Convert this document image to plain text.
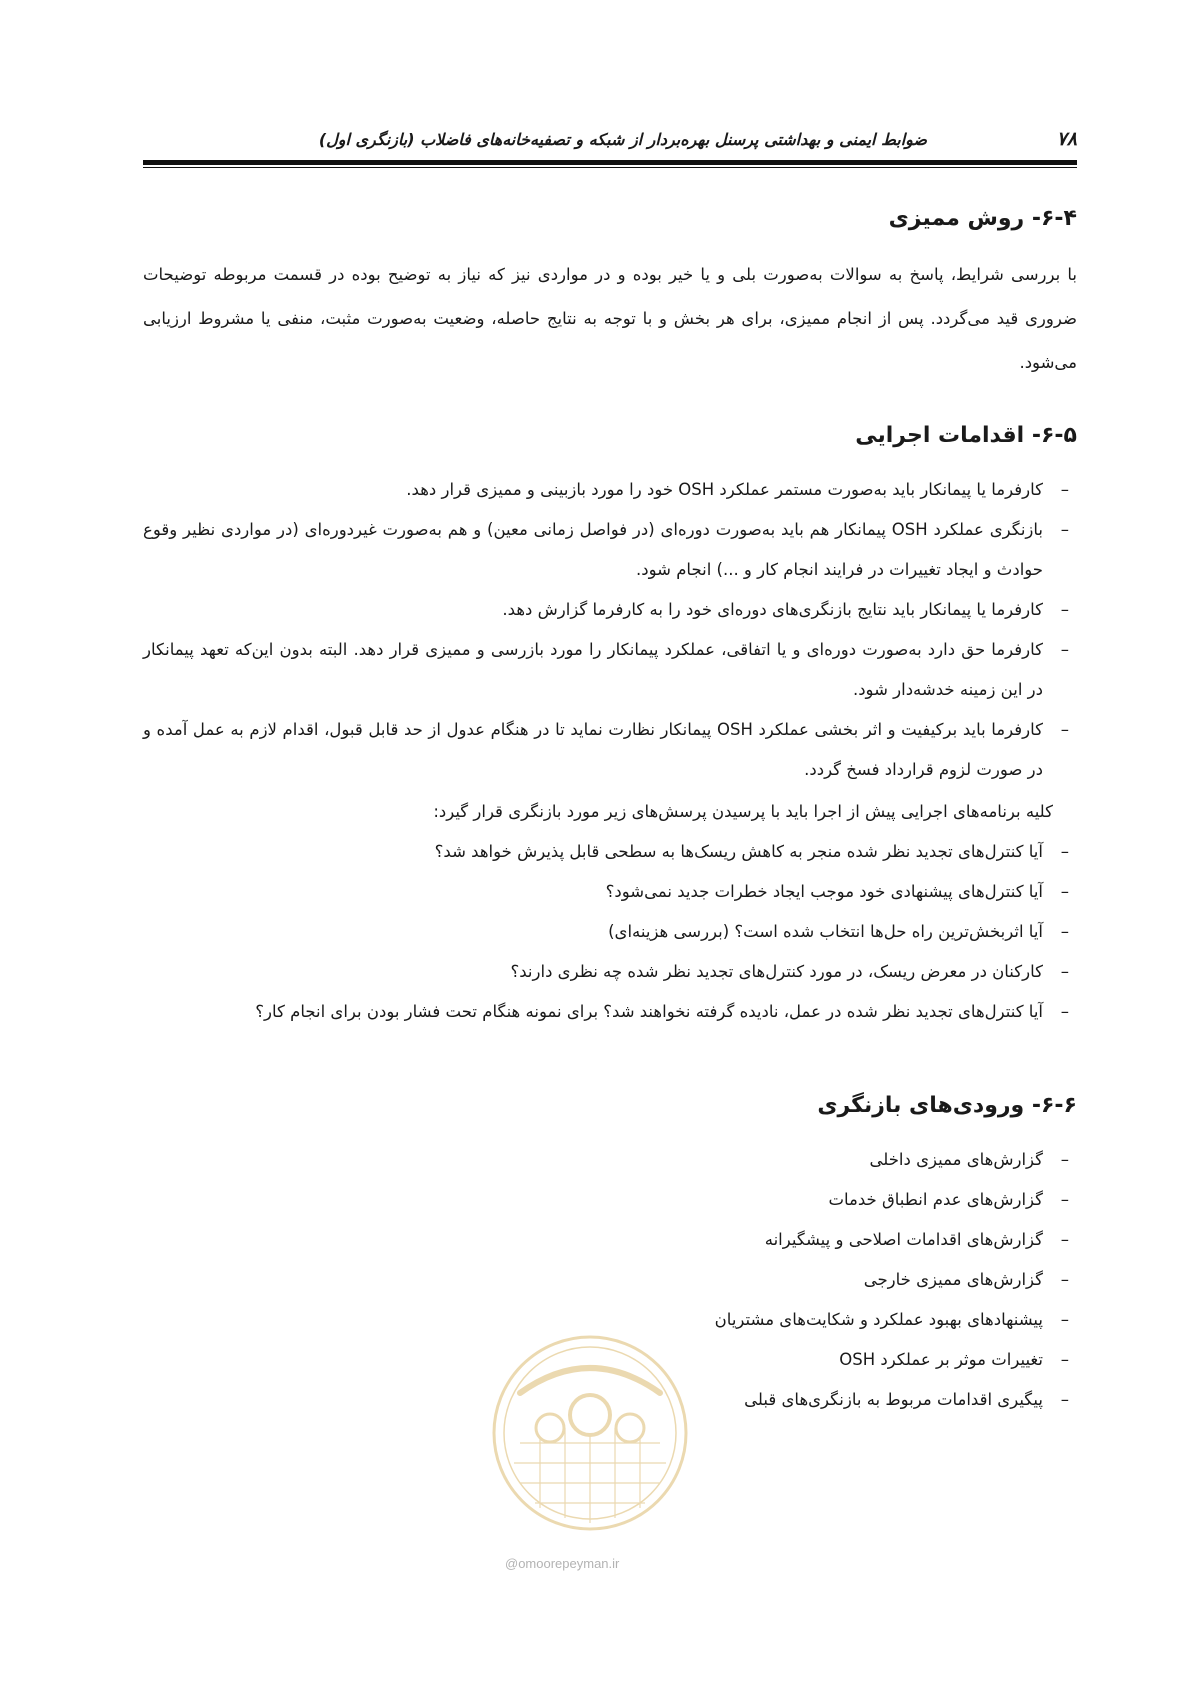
ضوابط ایمنی و بهداشتی پرسنل بهره‌بردار از شبکه و تصفیه‌خانه‌های فاضلاب (بازنگری اول)	۷۸
۶-۴- روش ممیزی

با بررسی شرایط، پاسخ به سوالات به‌صورت بلی و یا خیر بوده و در مواردی نیز که نیاز به توضیح بوده در قسمت مربوطه توضیحات ضروری قید می‌گردد. پس از انجام ممیزی، برای هر بخش و با توجه به نتایج حاصله، وضعیت به‌صورت مثبت، منفی یا مشروط ارزیابی می‌شود.

۶-۵- اقدامات اجرایی
–
کارفرما یا پیمانکار باید به‌صورت مستمر عملکرد OSH خود را مورد بازبینی و ممیزی قرار دهد.
–
بازنگری عملکرد OSH پیمانکار هم باید به‌صورت دوره‌ای (در فواصل زمانی معین) و هم به‌صورت غیردوره‌ای (در مواردی نظیر وقوع حوادث و ایجاد تغییرات در فرایند انجام کار و ...) انجام شود.
–
کارفرما یا پیمانکار باید نتایج بازنگری‌های دوره‌ای خود را به کارفرما گزارش دهد.
–
کارفرما حق دارد به‌صورت دوره‌ای و یا اتفاقی، عملکرد پیمانکار را مورد بازرسی و ممیزی قرار دهد. البته بدون این‌که تعهد پیمانکار در این زمینه خدشه‌دار شود.
–
کارفرما باید برکیفیت و اثر بخشی عملکرد OSH پیمانکار نظارت نماید تا در هنگام عدول از حد قابل قبول، اقدام لازم به عمل آمده و در صورت لزوم قرارداد فسخ گردد.
کلیه برنامه‌های اجرایی پیش از اجرا باید با پرسیدن پرسش‌های زیر مورد بازنگری قرار گیرد:
–
آیا کنترل‌های تجدید نظر شده منجر به کاهش ریسک‌ها به سطحی قابل پذیرش خواهد شد؟
–
آیا کنترل‌های پیشنهادی خود موجب ایجاد خطرات جدید نمی‌شود؟
–
آیا اثربخش‌ترین راه حل‌ها انتخاب شده است؟ (بررسی هزینه‌ای)
–
کارکنان در معرض ریسک، در مورد کنترل‌های تجدید نظر شده چه نظری دارند؟
–
آیا کنترل‌های تجدید نظر شده در عمل، نادیده گرفته نخواهند شد؟ برای نمونه هنگام تحت فشار بودن برای انجام کار؟
۶-۶- ورودی‌های بازنگری
–
گزارش‌های ممیزی داخلی
–
گزارش‌های عدم انطباق خدمات
–
گزارش‌های اقدامات اصلاحی و پیشگیرانه
–
گزارش‌های ممیزی خارجی
–
پیشنهادهای بهبود عملکرد و شکایت‌های مشتریان
–
تغییرات موثر بر عملکرد OSH
–
پیگیری اقدامات مربوط به بازنگری‌های قبلی
@omoorepeyman.ir
